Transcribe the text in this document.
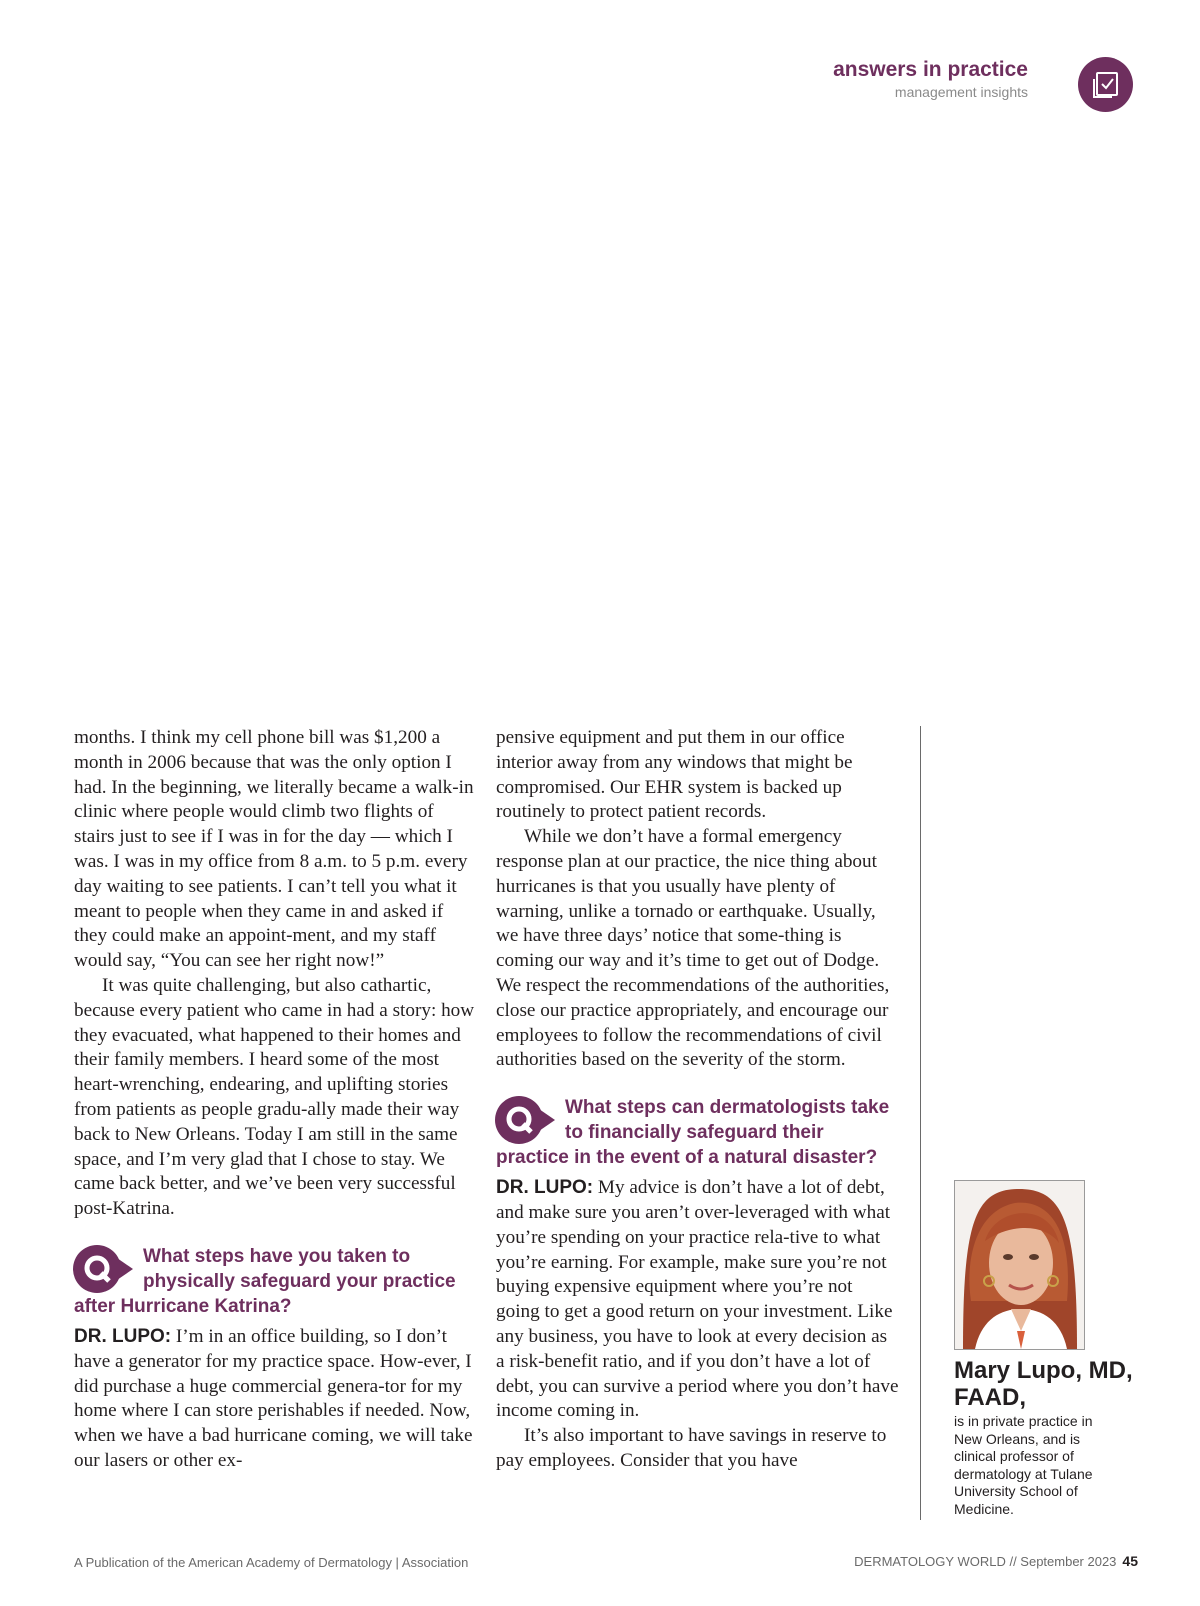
answers in practice
management insights

months. I think my cell phone bill was $1,200 a month in 2006 because that was the only option I had. In the beginning, we literally became a walk-in clinic where people would climb two flights of stairs just to see if I was in for the day — which I was. I was in my office from 8 a.m. to 5 p.m. every day waiting to see patients. I can’t tell you what it meant to people when they came in and asked if they could make an appoint-ment, and my staff would say, “You can see her right now!”

It was quite challenging, but also cathartic, because every patient who came in had a story: how they evacuated, what happened to their homes and their family members. I heard some of the most heart-wrenching, endearing, and uplifting stories from patients as people gradu-ally made their way back to New Orleans. Today I am still in the same space, and I’m very glad that I chose to stay. We came back better, and we’ve been very successful post-Katrina.

What steps have you taken to physically safeguard your practice after Hurricane Katrina?

DR. LUPO: I’m in an office building, so I don’t have a generator for my practice space. How-ever, I did purchase a huge commercial genera-tor for my home where I can store perishables if needed. Now, when we have a bad hurricane coming, we will take our lasers or other ex-

pensive equipment and put them in our office interior away from any windows that might be compromised. Our EHR system is backed up routinely to protect patient records.

While we don’t have a formal emergency response plan at our practice, the nice thing about hurricanes is that you usually have plenty of warning, unlike a tornado or earthquake. Usually, we have three days’ notice that some-thing is coming our way and it’s time to get out of Dodge. We respect the recommendations of the authorities, close our practice appropriately, and encourage our employees to follow the recommendations of civil authorities based on the severity of the storm.

What steps can dermatologists take to financially safeguard their practice in the event of a natural disaster?

DR. LUPO: My advice is don’t have a lot of debt, and make sure you aren’t over-leveraged with what you’re spending on your practice rela-tive to what you’re earning. For example, make sure you’re not buying expensive equipment where you’re not going to get a good return on your investment. Like any business, you have to look at every decision as a risk-benefit ratio, and if you don’t have a lot of debt, you can survive a period where you don’t have income coming in.

It’s also important to have savings in reserve to pay employees. Consider that you have

Mary Lupo, MD, FAAD,
is in private practice in New Orleans, and is clinical professor of dermatology at Tulane University School of Medicine.
A Publication of the American Academy of Dermatology | Association	DERMATOLOGY WORLD // September 2023 45
